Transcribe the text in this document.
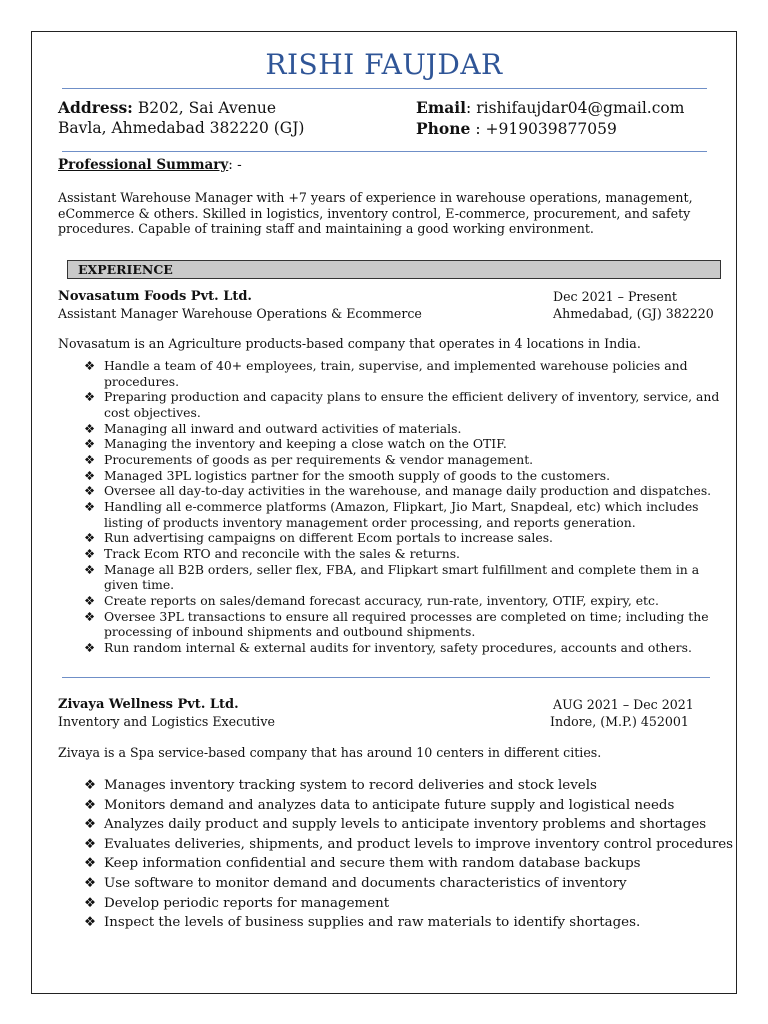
RISHI FAUJDAR
Address: B202, Sai Avenue
Bavla, Ahmedabad 382220 (GJ)
Email: rishifaujdar04@gmail.com
Phone : +919039877059
Professional Summary: -
Assistant Warehouse Manager with +7 years of experience in warehouse operations, management, eCommerce & others. Skilled in logistics, inventory control, E-commerce, procurement, and safety procedures. Capable of training staff and maintaining a good working environment.
EXPERIENCE
Novasatum Foods Pvt. Ltd.
Assistant Manager Warehouse Operations & Ecommerce
Dec 2021 – Present
Ahmedabad, (GJ) 382220
Novasatum is an Agriculture products-based company that operates in 4 locations in India.
❖ Handle a team of 40+ employees, train, supervise, and implemented warehouse policies and procedures.
❖ Preparing production and capacity plans to ensure the efficient delivery of inventory, service, and cost objectives.
❖ Managing all inward and outward activities of materials.
❖ Managing the inventory and keeping a close watch on the OTIF.
❖ Procurements of goods as per requirements & vendor management.
❖ Managed 3PL logistics partner for the smooth supply of goods to the customers.
❖ Oversee all day-to-day activities in the warehouse, and manage daily production and dispatches.
❖ Handling all e-commerce platforms (Amazon, Flipkart, Jio Mart, Snapdeal, etc) which includes listing of products inventory management order processing, and reports generation.
❖ Run advertising campaigns on different Ecom portals to increase sales.
❖ Track Ecom RTO and reconcile with the sales & returns.
❖ Manage all B2B orders, seller flex, FBA, and Flipkart smart fulfillment and complete them in a given time.
❖ Create reports on sales/demand forecast accuracy, run-rate, inventory, OTIF, expiry, etc.
❖ Oversee 3PL transactions to ensure all required processes are completed on time; including the processing of inbound shipments and outbound shipments.
❖ Run random internal & external audits for inventory, safety procedures, accounts and others.
Zivaya Wellness Pvt. Ltd.
Inventory and Logistics Executive
AUG 2021 – Dec 2021
Indore, (M.P.) 452001
Zivaya is a Spa service-based company that has around 10 centers in different cities.
❖ Manages inventory tracking system to record deliveries and stock levels
❖ Monitors demand and analyzes data to anticipate future supply and logistical needs
❖ Analyzes daily product and supply levels to anticipate inventory problems and shortages
❖ Evaluates deliveries, shipments, and product levels to improve inventory control procedures
❖ Keep information confidential and secure them with random database backups
❖ Use software to monitor demand and documents characteristics of inventory
❖ Develop periodic reports for management
❖ Inspect the levels of business supplies and raw materials to identify shortages.
